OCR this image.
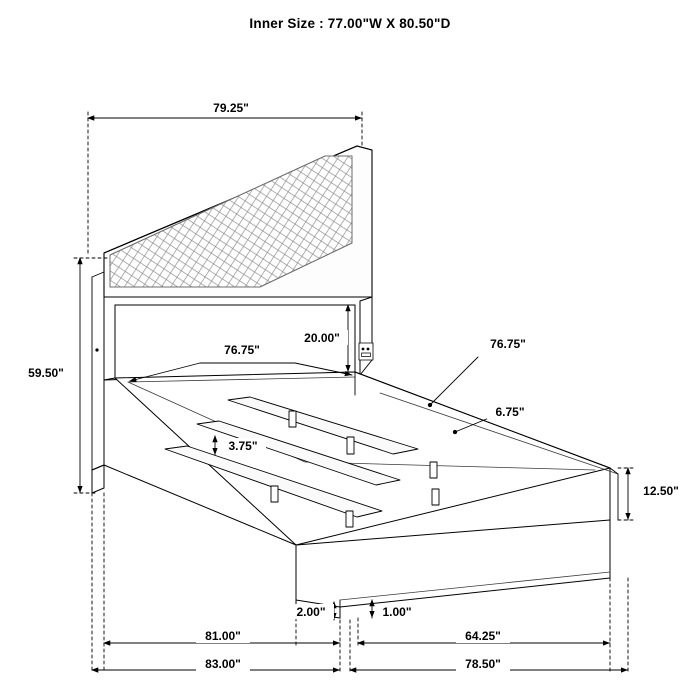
Inner Size : 77.00"W X 80.50"D
79.25"
59.50"
20.00"
76.75"	76.75"
6.75"
3.75"
12.50"
2.00"	1.00"
81.00"
83.00"
64.25"
78.50"
